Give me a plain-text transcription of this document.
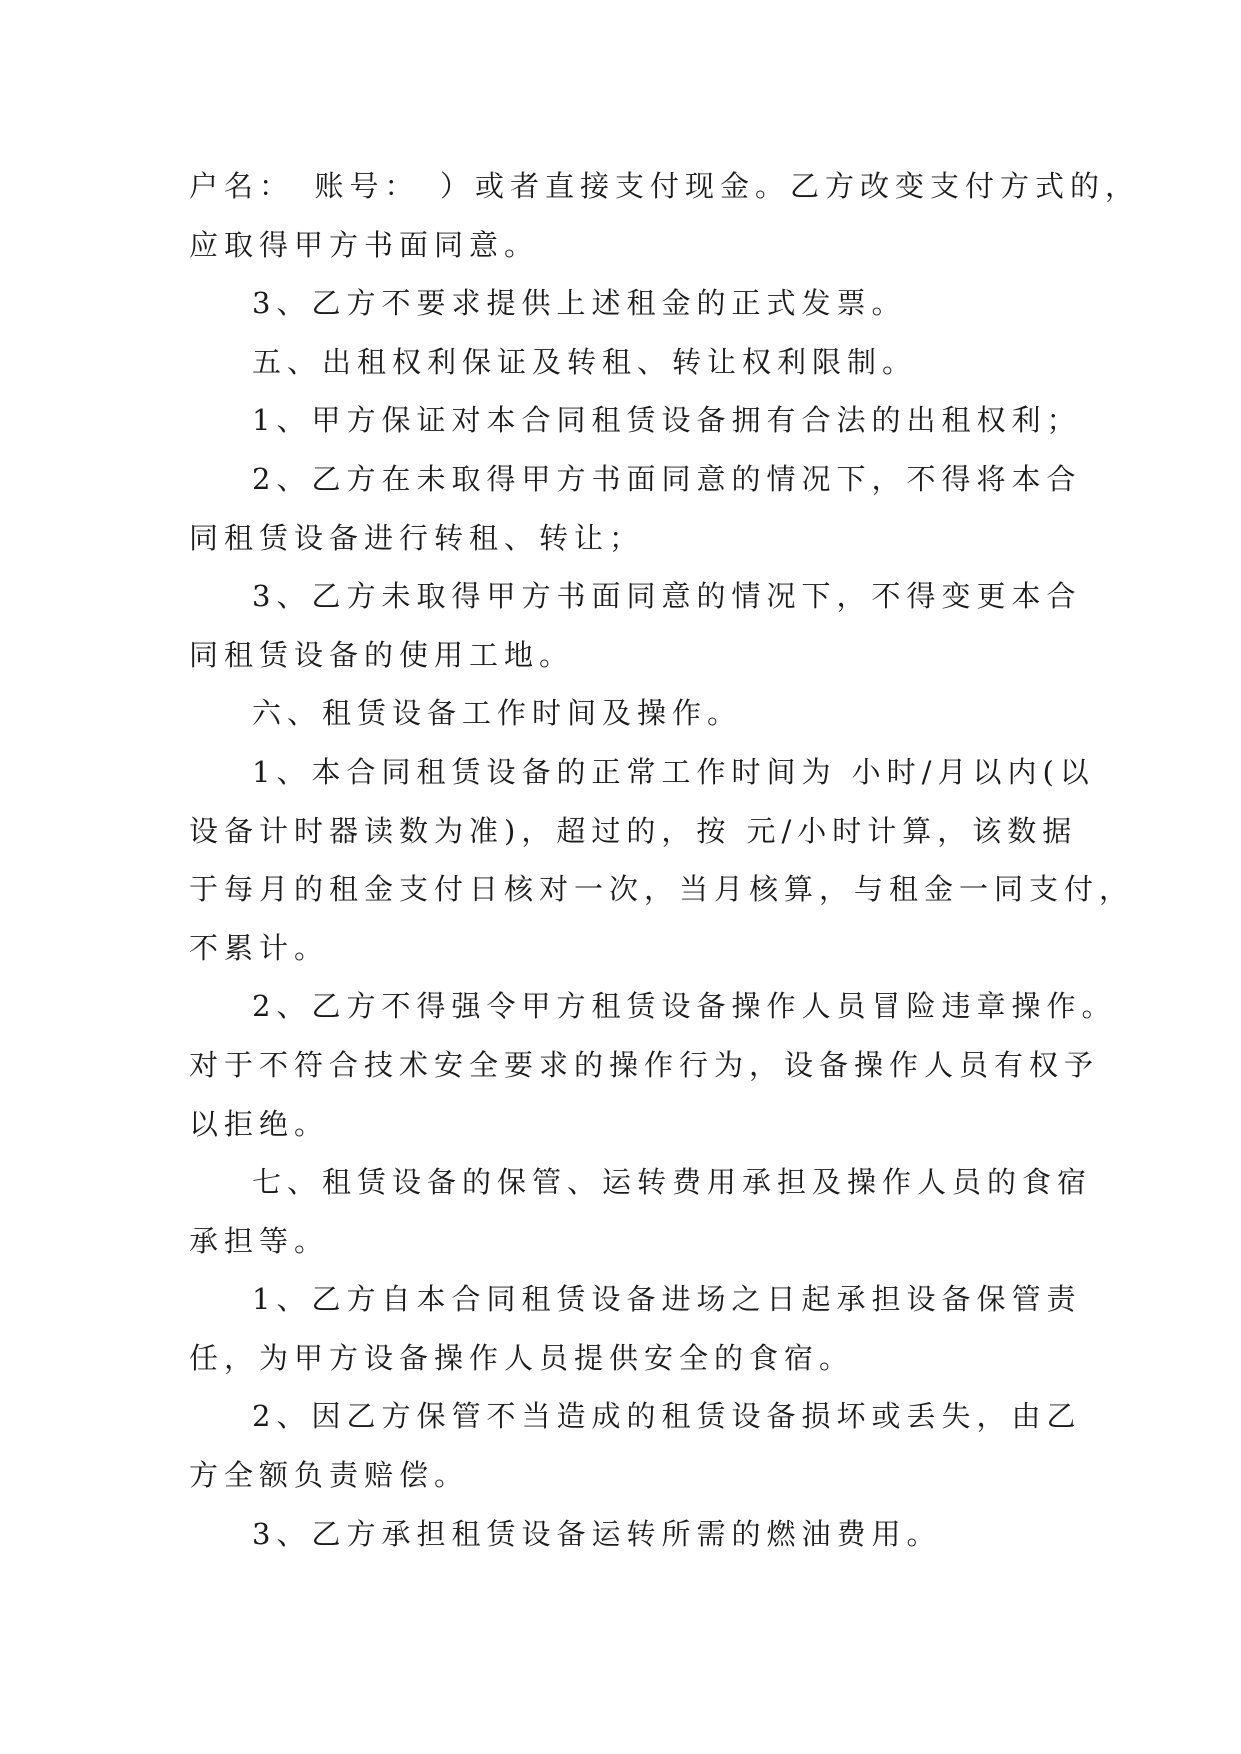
户名：　账号：　）或者直接支付现金。乙方改变支付方式的，
应取得甲方书面同意。

3、乙方不要求提供上述租金的正式发票。

五、出租权利保证及转租、转让权利限制。

1、甲方保证对本合同租赁设备拥有合法的出租权利；

2、乙方在未取得甲方书面同意的情况下，不得将本合
同租赁设备进行转租、转让；

3、乙方未取得甲方书面同意的情况下，不得变更本合
同租赁设备的使用工地。

六、租赁设备工作时间及操作。

1、本合同租赁设备的正常工作时间为 小时/月以内(以
设备计时器读数为准)，超过的，按 元/小时计算，该数据
于每月的租金支付日核对一次，当月核算，与租金一同支付，
不累计。

2、乙方不得强令甲方租赁设备操作人员冒险违章操作。
对于不符合技术安全要求的操作行为，设备操作人员有权予
以拒绝。

七、租赁设备的保管、运转费用承担及操作人员的食宿
承担等。

1、乙方自本合同租赁设备进场之日起承担设备保管责
任，为甲方设备操作人员提供安全的食宿。

2、因乙方保管不当造成的租赁设备损坏或丢失，由乙
方全额负责赔偿。

3、乙方承担租赁设备运转所需的燃油费用。
